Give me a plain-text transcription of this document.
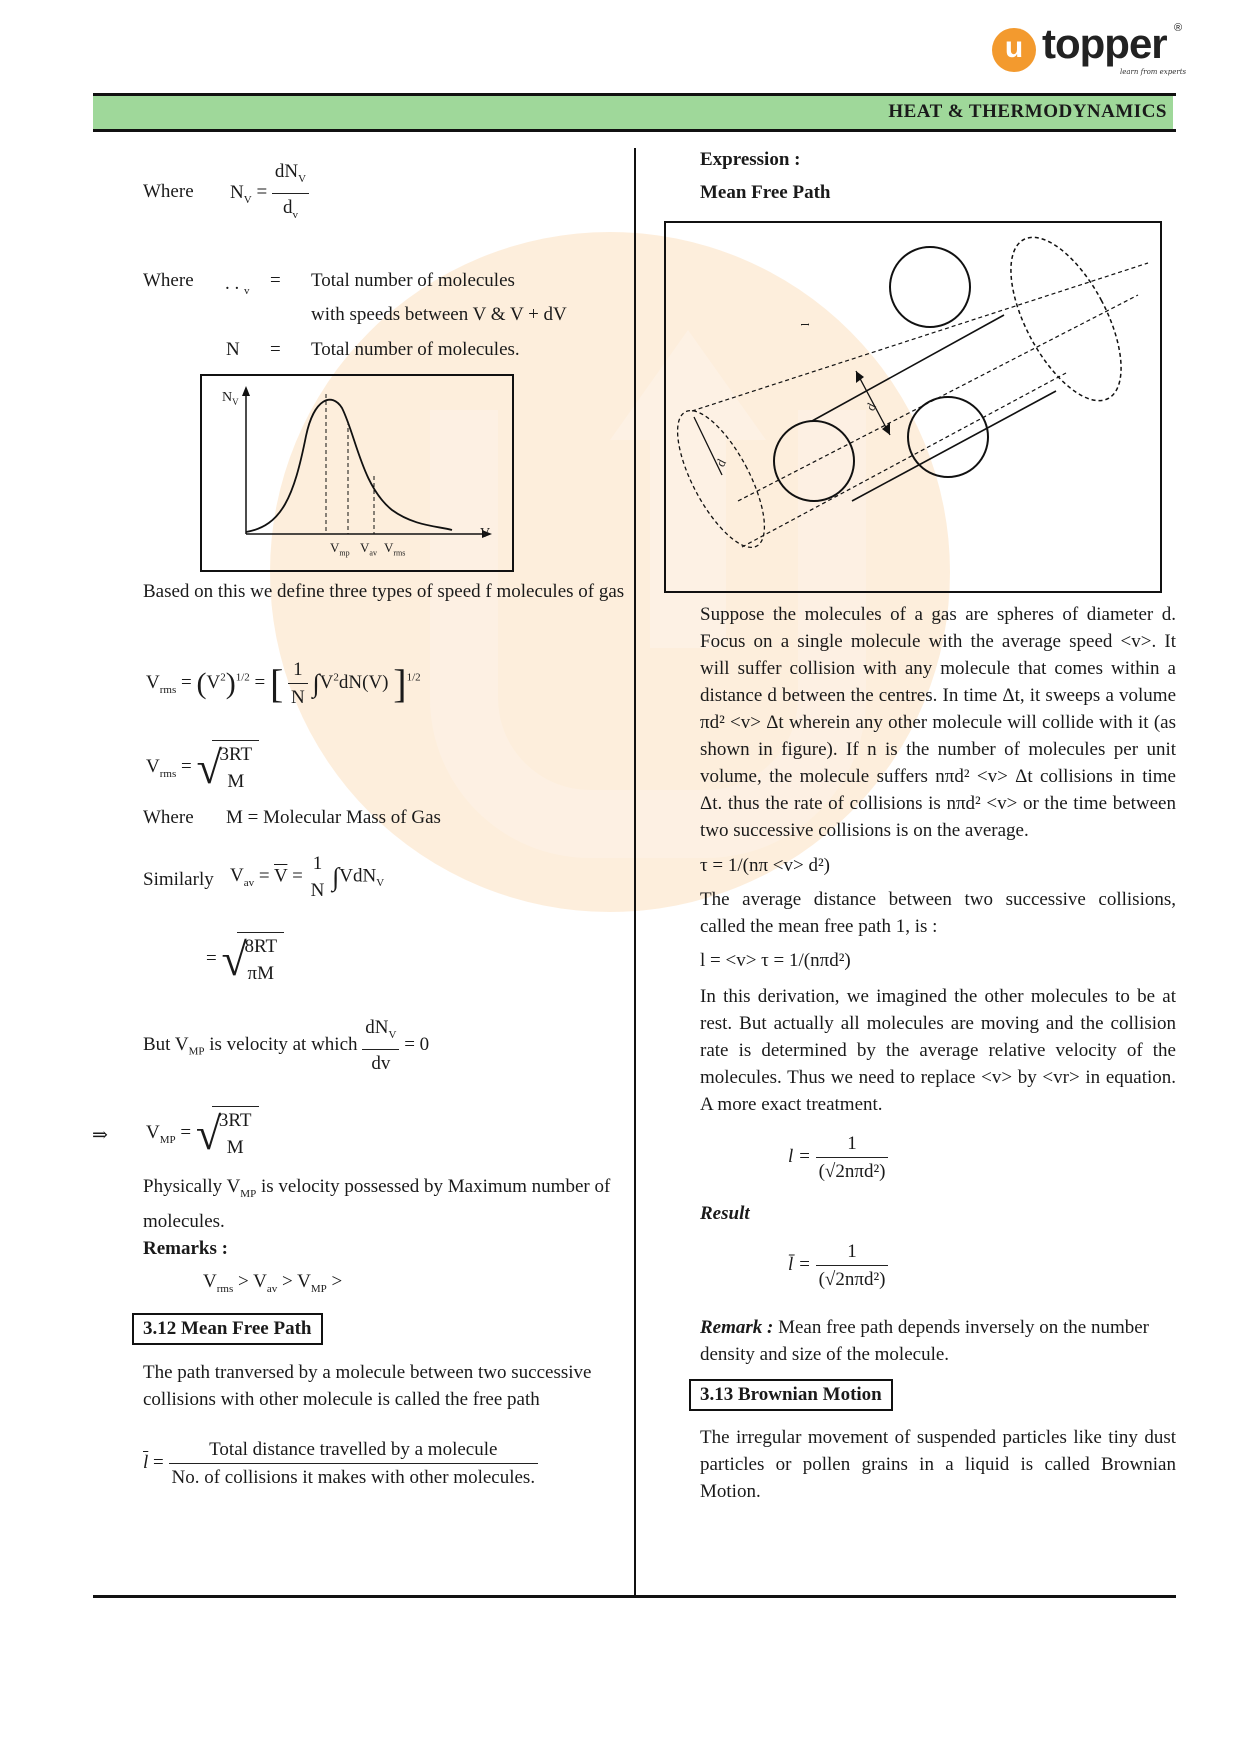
u topper ®
learn from experts
HEAT & THERMODYNAMICS
Where $N_V = \frac{dN_V}{d_v}$
Where . . $_v$ = Total number of molecules
with speeds between V & V + dV
N = Total number of molecules.
$N_V$
V
$V_{mp}$ $V_{av}$ $V_{rms}$
Based on this we define three types of speed f molecules of gas
$V_{rms} = (V^2)^{1/2}$ = [ $\frac{1}{N} \int V^2dN(V)$ ]$^{1/2}$
$V_{rms}$ = √
3RT
M
Where M = Molecular Mass of Gas
Similarly $V_{av} = \overline{V}$ =
1
N ∫VdN$_V$
= √
8RT
πM
But $V_{MP}$ is velocity at which $\frac{dN_V}{dv} = 0$
⇒ $V_{MP}$ = √
3RT
M
Physically $V_{MP}$ is velocity possessed by Maximum number of molecules.
Remarks :
$V_{rms} > V_{av} > V_{MP}$ >
3.12 Mean Free Path
The path tranversed by a molecule between two successive collisions with other molecule is called the free path
$\overline{l} = \frac{\text{Total distance travelled by a molecule}}{\text{No. of collisions it makes with other molecules.}}$
Expression :
Mean Free Path
d
d
l
Suppose the molecules of a gas are spheres of diameter d. Focus on a single molecule with the average speed <v>. It will suffer collision with any molecule that comes within a distance d between the centres. In time Δt, it sweeps a volume πd² <v> Δt wherein any other molecule will collide with it (as shown in figure). If n is the number of molecules per unit volume, the molecule suffers nπd² <v> Δt collisions in time Δt. thus the rate of collisions is nπd² <v> or the time between two successive collisions is on the average.
τ = 1/(nπ <v> d²)
The average distance between two successive collisions, called the mean free path 1, is :
l = <v> τ = 1/(nπd²)
In this derivation, we imagined the other molecules to be at rest. But actually all molecules are moving and the collision rate is determined by the average relative velocity of the molecules. Thus we need to replace <v> by <vr> in equation. A more exact treatment.
$l = \frac{1}{\text{(√2nπd²)}}$
Result
l̄ = $\frac{1}{\text{(√2nπd²)}}$
Remark : Mean free path depends inversely on the number density and size of the molecule.
3.13 Brownian Motion
The irregular movement of suspended particles like tiny dust particles or pollen grains in a liquid is called Brownian Motion.
